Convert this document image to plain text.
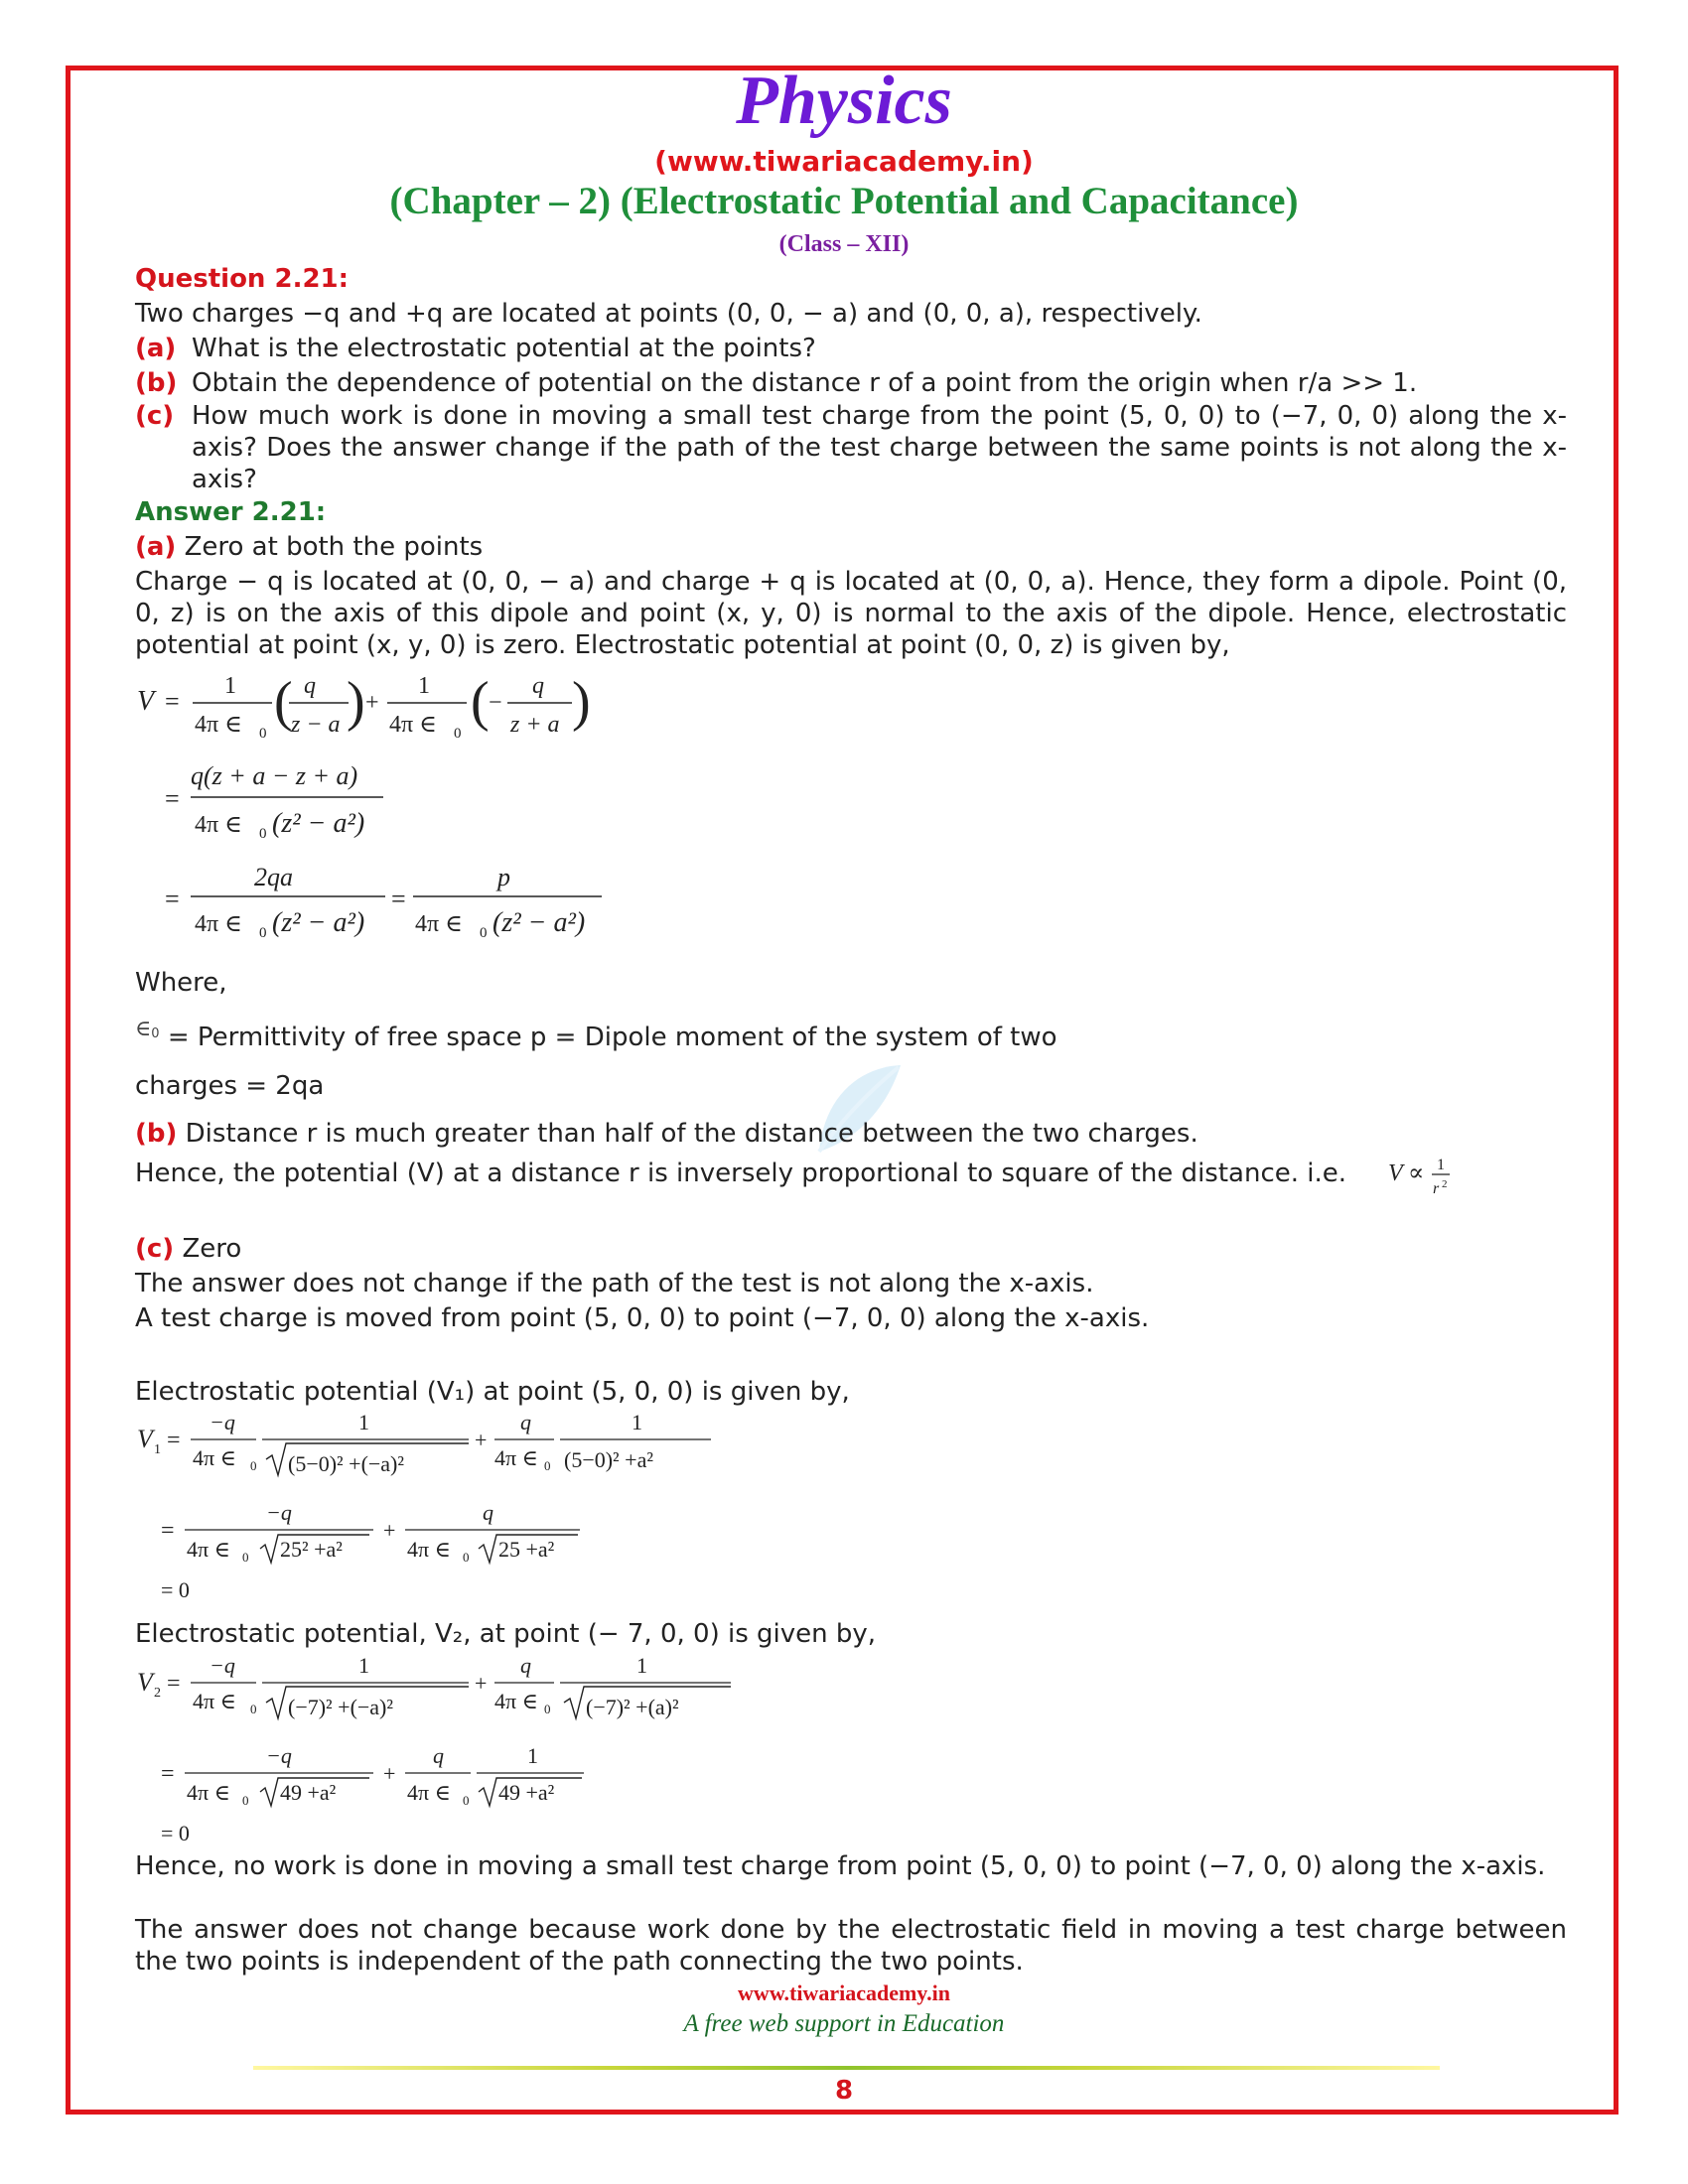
Physics
(www.tiwariacademy.in)
(Chapter – 2) (Electrostatic Potential and Capacitance)
(Class – XII)
Question 2.21:
Two charges −q and +q are located at points (0, 0, − a) and (0, 0, a), respectively.
(a) What is the electrostatic potential at the points?
(b) Obtain the dependence of potential on the distance r of a point from the origin when r/a >> 1.
(c) How much work is done in moving a small test charge from the point (5, 0, 0) to (−7, 0, 0) along the x-axis? Does the answer change if the path of the test charge between the same points is not along the x-axis?
Answer 2.21:
(a) Zero at both the points
Charge − q is located at (0, 0, − a) and charge + q is located at (0, 0, a). Hence, they form a dipole. Point (0, 0, z) is on the axis of this dipole and point (x, y, 0) is normal to the axis of the dipole. Hence, electrostatic potential at point (x, y, 0) is zero. Electrostatic potential at point (0, 0, z) is given by,
V =
1
4π ∈ 0
( q
z − a ) +
1
4π ∈ 0
( −
q
z + a )
=
q(z + a − z + a)
4π ∈ 0 (z² − a²)
=
2qa
4π ∈ 0 (z² − a²)
=
p
4π ∈ 0 (z² − a²)
Where,
∈$_0$ = Permittivity of free space p = Dipole moment of the system of two
charges = 2qa
(b) Distance r is much greater than half of the distance between the two charges.
Hence, the potential (V) at a distance r is inversely proportional to square of the distance. i.e.	V ∝ 1
r 2
(c) Zero
The answer does not change if the path of the test is not along the x-axis.
A test charge is moved from point (5, 0, 0) to point (−7, 0, 0) along the x-axis.
Electrostatic potential (V₁) at point (5, 0, 0) is given by,
V 1 =
−q
4π ∈ 0
1
(5−0)² +(−a)²
+
q
4π ∈ 0
1
(5−0)² +a²
=
−q
4π ∈ 0 25² +a²
+
q
4π ∈ 0 25 +a²
= 0
Electrostatic potential, V₂, at point (− 7, 0, 0) is given by,
V 2 =
−q
4π ∈ 0
1
(−7)² +(−a)²
+
q
4π ∈ 0
1
(−7)² +(a)²
=
−q
4π ∈ 0 49 +a²
+
q
4π ∈ 0
1
49 +a²
= 0
Hence, no work is done in moving a small test charge from point (5, 0, 0) to point (−7, 0, 0) along the x-axis.
The answer does not change because work done by the electrostatic field in moving a test charge between the two points is independent of the path connecting the two points.
www.tiwariacademy.in
A free web support in Education
8
